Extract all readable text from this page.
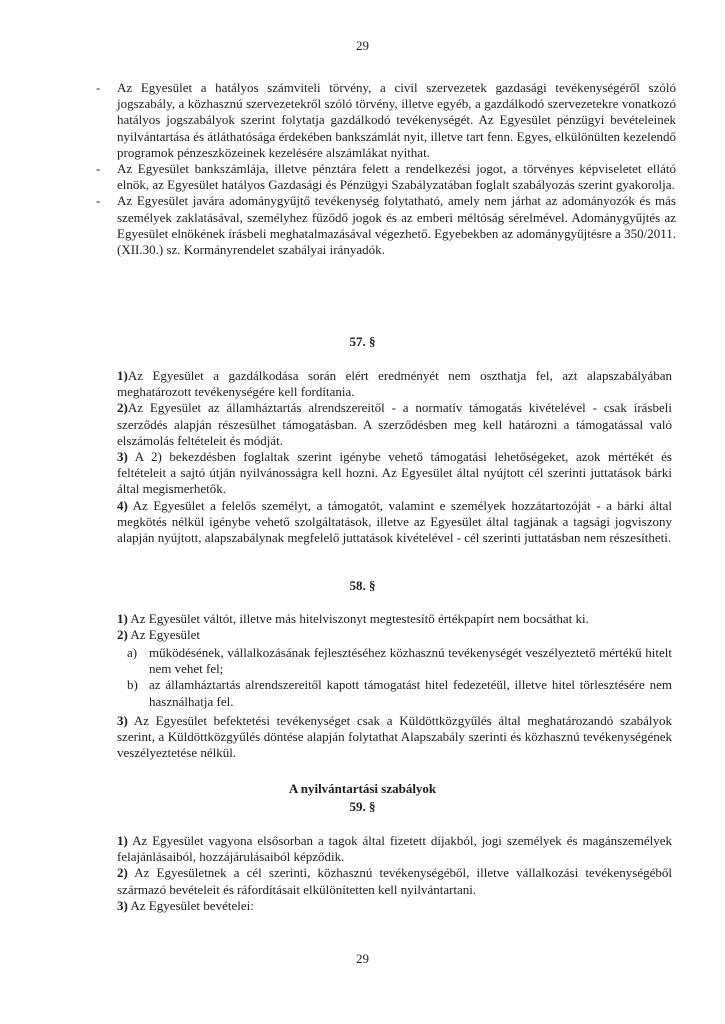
29
-	Az Egyesület a hatályos számviteli törvény, a civil szervezetek gazdasági tevékenységéről szóló jogszabály, a közhasznú szervezetekről szóló törvény, illetve egyéb, a gazdálkodó szervezetekre vonatkozó hatályos jogszabályok szerint folytatja gazdálkodó tevékenységét. Az Egyesület pénzügyi bevételeinek nyilvántartása és átláthatósága érdekében bankszámlát nyit, illetve tart fenn. Egyes, elkülönülten kezelendő programok pénzeszközeinek kezelésére alszámlákat nyithat.
-	Az Egyesület bankszámlája, illetve pénztára felett a rendelkezési jogot, a törvényes képviseletet ellátó elnök, az Egyesület hatályos Gazdasági és Pénzügyi Szabályzatában foglalt szabályozás szerint gyakorolja.
-	Az Egyesület javára adománygyűjtő tevékenység folytatható, amely nem járhat az adományozók és más személyek zaklatásával, személyhez fűződő jogok és az emberi méltóság sérelmével. Adománygyűjtés az Egyesület elnökének írásbeli meghatalmazásával végezhető. Egyebekben az adománygyűjtésre a 350/2011. (XII.30.) sz. Kormányrendelet szabályai irányadók.
57. §

1)Az Egyesület a gazdálkodása során elért eredményét nem oszthatja fel, azt alapszabályában meghatározott tevékenységére kell fordítania.

2)Az Egyesület az államháztartás alrendszereitől - a normatív támogatás kivételével - csak írásbeli szerződés alapján részesülhet támogatásban. A szerződésben meg kell határozni a támogatással való elszámolás feltételeit és módját.

3) A 2) bekezdésben foglaltak szerint igénybe vehető támogatási lehetőségeket, azok mértékét és feltételeit a sajtó útján nyilvánosságra kell hozni. Az Egyesület által nyújtott cél szerinti juttatások bárki által megismerhetők.

4) Az Egyesület a felelős személyt, a támogatót, valamint e személyek hozzátartozóját - a bárki által megkötés nélkül igénybe vehető szolgáltatások, illetve az Egyesület által tagjának a tagsági jogviszony alapján nyújtott, alapszabálynak megfelelő juttatások kivételével - cél szerinti juttatásban nem részesítheti.

58. §

1) Az Egyesület váltót, illetve más hitelviszonyt megtestesítő értékpapírt nem bocsáthat ki.

2) Az Egyesület

a) működésének, vállalkozásának fejlesztéséhez közhasznú tevékenységét veszélyeztető mértékű hitelt nem vehet fel;
b) az államháztartás alrendszereitől kapott támogatást hitel fedezetéül, illetve hitel törlesztésére nem használhatja fel.

3) Az Egyesület befektetési tevékenységet csak a Küldöttközgyűlés által meghatározandó szabályok szerint, a Küldöttközgyűlés döntése alapján folytathat Alapszabály szerinti és közhasznú tevékenységének veszélyeztetése nélkül.

A nyilvántartási szabályok
59. §

1) Az Egyesület vagyona elsősorban a tagok által fizetett díjakból, jogi személyek és magánszemélyek felajánlásaiból, hozzájárulásaiból képződik.

2) Az Egyesületnek a cél szerinti, közhasznú tevékenységéből, illetve vállalkozási tevékenységéből származó bevételeit és ráfordításait elkülönítetten kell nyilvántartani.

3) Az Egyesület bevételei:

29
